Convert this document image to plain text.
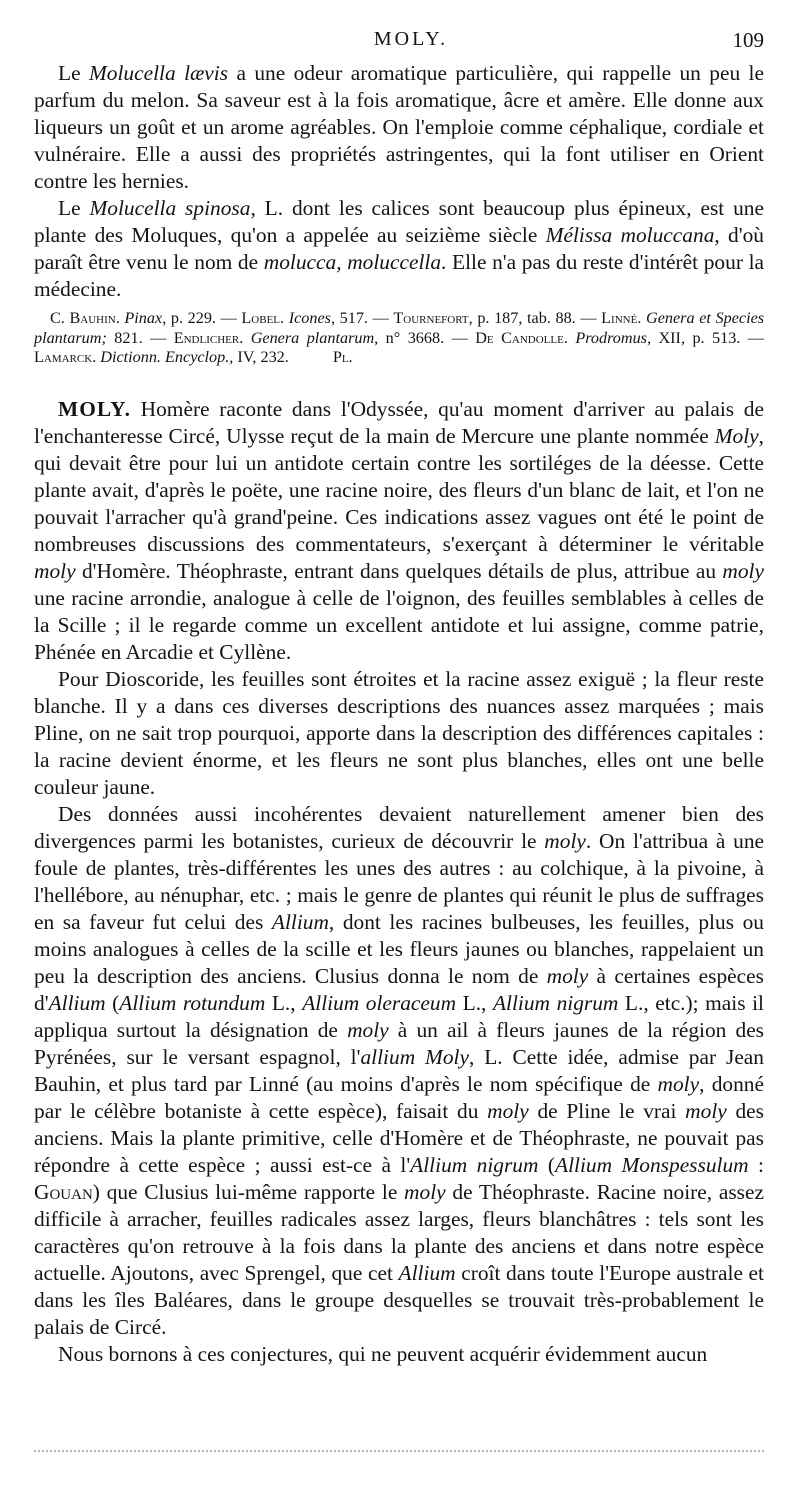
MOLY.	109

Le Molucella lævis a une odeur aromatique particulière, qui rappelle un peu le parfum du melon. Sa saveur est à la fois aromatique, âcre et amère. Elle donne aux liqueurs un goût et un arome agréables. On l'emploie comme céphalique, cordiale et vulnéraire. Elle a aussi des propriétés astringentes, qui la font utiliser en Orient contre les hernies.

Le Molucella spinosa, L. dont les calices sont beaucoup plus épineux, est une plante des Moluques, qu'on a appelée au seizième siècle Mélissa moluccana, d'où paraît être venu le nom de molucca, moluccella. Elle n'a pas du reste d'intérêt pour la médecine.

C. Bauhin. Pinax, p. 229. — Lobel. Icones, 517. — Tournefort, p. 187, tab. 88. — Linné. Genera et Species plantarum; 821. — Endlicher. Genera plantarum, n° 3668. — De Candolle. Prodromus, XII, p. 513. — Lamarck. Dictionn. Encyclop., IV, 232.	Pl.

MOLY. Homère raconte dans l'Odyssée, qu'au moment d'arriver au palais de l'enchanteresse Circé, Ulysse reçut de la main de Mercure une plante nommée Moly, qui devait être pour lui un antidote certain contre les sortiléges de la déesse. Cette plante avait, d'après le poëte, une racine noire, des fleurs d'un blanc de lait, et l'on ne pouvait l'arracher qu'à grand'peine. Ces indications assez vagues ont été le point de nombreuses discussions des commentateurs, s'exerçant à déterminer le véritable moly d'Homère. Théophraste, entrant dans quelques détails de plus, attribue au moly une racine arrondie, analogue à celle de l'oignon, des feuilles semblables à celles de la Scille ; il le regarde comme un excellent antidote et lui assigne, comme patrie, Phénée en Arcadie et Cyllène.

Pour Dioscoride, les feuilles sont étroites et la racine assez exiguë ; la fleur reste blanche. Il y a dans ces diverses descriptions des nuances assez marquées ; mais Pline, on ne sait trop pourquoi, apporte dans la description des différences capitales : la racine devient énorme, et les fleurs ne sont plus blanches, elles ont une belle couleur jaune.

Des données aussi incohérentes devaient naturellement amener bien des divergences parmi les botanistes, curieux de découvrir le moly. On l'attribua à une foule de plantes, très-différentes les unes des autres : au colchique, à la pivoine, à l'hellébore, au nénuphar, etc. ; mais le genre de plantes qui réunit le plus de suffrages en sa faveur fut celui des Allium, dont les racines bulbeuses, les feuilles, plus ou moins analogues à celles de la scille et les fleurs jaunes ou blanches, rappelaient un peu la description des anciens. Clusius donna le nom de moly à certaines espèces d'Allium (Allium rotundum L., Allium oleraceum L., Allium nigrum L., etc.); mais il appliqua surtout la désignation de moly à un ail à fleurs jaunes de la région des Pyrénées, sur le versant espagnol, l'allium Moly, L. Cette idée, admise par Jean Bauhin, et plus tard par Linné (au moins d'après le nom spécifique de moly, donné par le célèbre botaniste à cette espèce), faisait du moly de Pline le vrai moly des anciens. Mais la plante primitive, celle d'Homère et de Théophraste, ne pouvait pas répondre à cette espèce ; aussi est-ce à l'Allium nigrum (Allium Monspessulum : Gouan) que Clusius lui-même rapporte le moly de Théophraste. Racine noire, assez difficile à arracher, feuilles radicales assez larges, fleurs blanchâtres : tels sont les caractères qu'on retrouve à la fois dans la plante des anciens et dans notre espèce actuelle. Ajoutons, avec Sprengel, que cet Allium croît dans toute l'Europe australe et dans les îles Baléares, dans le groupe desquelles se trouvait très-probablement le palais de Circé.

Nous bornons à ces conjectures, qui ne peuvent acquérir évidemment aucun
